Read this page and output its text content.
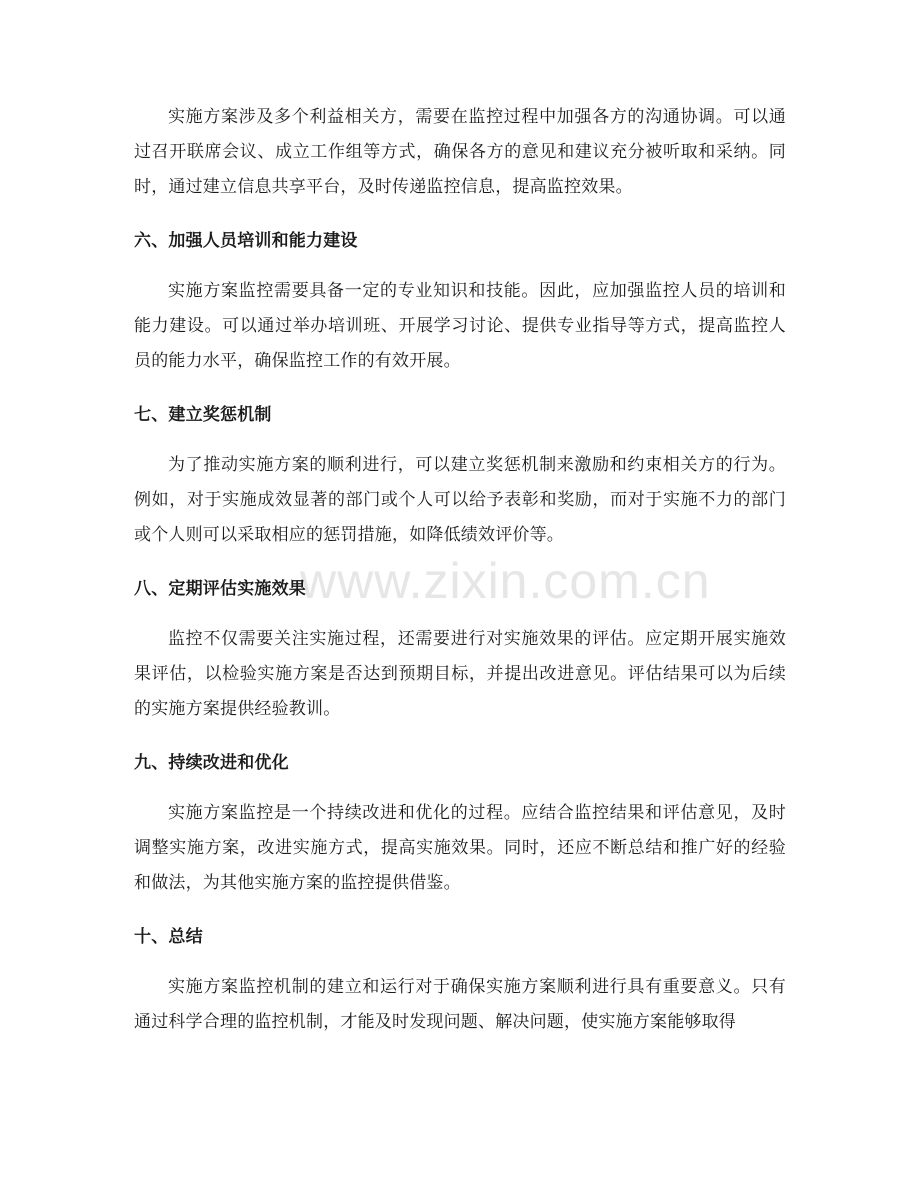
www.zixin.com.cn

实施方案涉及多个利益相关方，需要在监控过程中加强各方的沟通协调。可以通过召开联席会议、成立工作组等方式，确保各方的意见和建议充分被听取和采纳。同时，通过建立信息共享平台，及时传递监控信息，提高监控效果。

六、加强人员培训和能力建设

实施方案监控需要具备一定的专业知识和技能。因此，应加强监控人员的培训和能力建设。可以通过举办培训班、开展学习讨论、提供专业指导等方式，提高监控人员的能力水平，确保监控工作的有效开展。

七、建立奖惩机制

为了推动实施方案的顺利进行，可以建立奖惩机制来激励和约束相关方的行为。例如，对于实施成效显著的部门或个人可以给予表彰和奖励，而对于实施不力的部门或个人则可以采取相应的惩罚措施，如降低绩效评价等。

八、定期评估实施效果

监控不仅需要关注实施过程，还需要进行对实施效果的评估。应定期开展实施效果评估，以检验实施方案是否达到预期目标，并提出改进意见。评估结果可以为后续的实施方案提供经验教训。

九、持续改进和优化

实施方案监控是一个持续改进和优化的过程。应结合监控结果和评估意见，及时调整实施方案，改进实施方式，提高实施效果。同时，还应不断总结和推广好的经验和做法，为其他实施方案的监控提供借鉴。

十、总结

实施方案监控机制的建立和运行对于确保实施方案顺利进行具有重要意义。只有通过科学合理的监控机制，才能及时发现问题、解决问题，使实施方案能够取得
